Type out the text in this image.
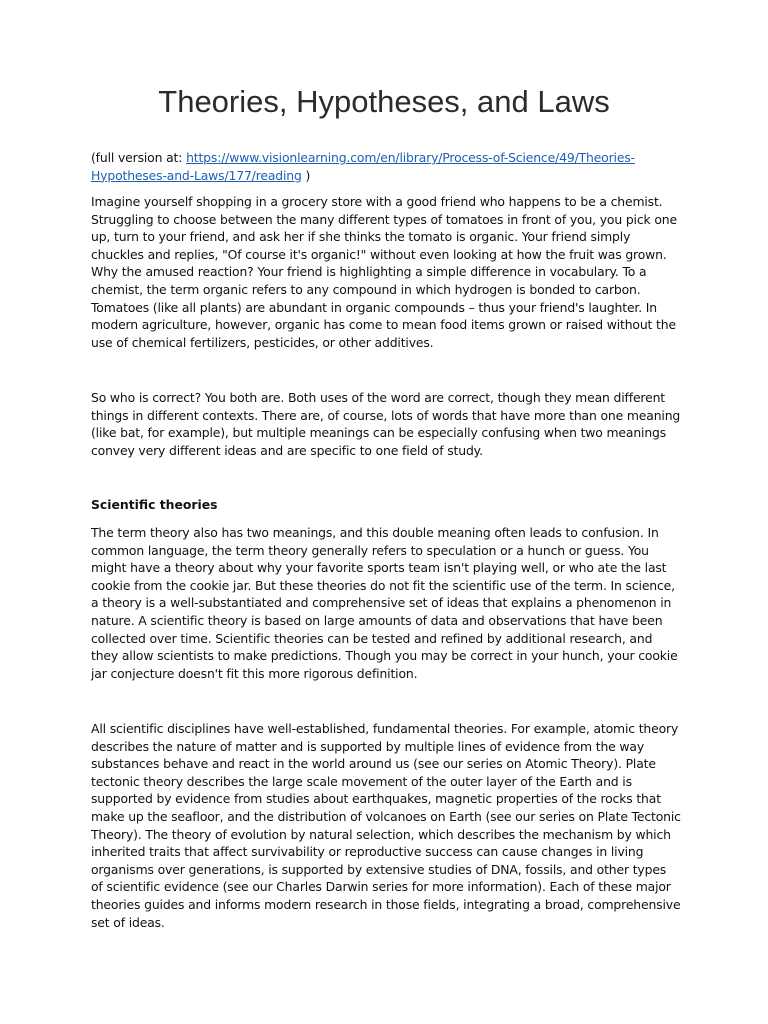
Theories, Hypotheses, and Laws

(full version at: https://www.visionlearning.com/en/library/Process-of-Science/49/Theories-Hypotheses-and-Laws/177/reading )

Imagine yourself shopping in a grocery store with a good friend who happens to be a chemist. Struggling to choose between the many different types of tomatoes in front of you, you pick one up, turn to your friend, and ask her if she thinks the tomato is organic. Your friend simply chuckles and replies, "Of course it's organic!" without even looking at how the fruit was grown. Why the amused reaction? Your friend is highlighting a simple difference in vocabulary. To a chemist, the term organic refers to any compound in which hydrogen is bonded to carbon. Tomatoes (like all plants) are abundant in organic compounds – thus your friend's laughter. In modern agriculture, however, organic has come to mean food items grown or raised without the use of chemical fertilizers, pesticides, or other additives.

So who is correct? You both are. Both uses of the word are correct, though they mean different things in different contexts. There are, of course, lots of words that have more than one meaning (like bat, for example), but multiple meanings can be especially confusing when two meanings convey very different ideas and are specific to one field of study.

Scientific theories

The term theory also has two meanings, and this double meaning often leads to confusion. In common language, the term theory generally refers to speculation or a hunch or guess. You might have a theory about why your favorite sports team isn't playing well, or who ate the last cookie from the cookie jar. But these theories do not fit the scientific use of the term. In science, a theory is a well-substantiated and comprehensive set of ideas that explains a phenomenon in nature. A scientific theory is based on large amounts of data and observations that have been collected over time. Scientific theories can be tested and refined by additional research, and they allow scientists to make predictions. Though you may be correct in your hunch, your cookie jar conjecture doesn't fit this more rigorous definition.

All scientific disciplines have well-established, fundamental theories. For example, atomic theory describes the nature of matter and is supported by multiple lines of evidence from the way substances behave and react in the world around us (see our series on Atomic Theory). Plate tectonic theory describes the large scale movement of the outer layer of the Earth and is supported by evidence from studies about earthquakes, magnetic properties of the rocks that make up the seafloor, and the distribution of volcanoes on Earth (see our series on Plate Tectonic Theory). The theory of evolution by natural selection, which describes the mechanism by which inherited traits that affect survivability or reproductive success can cause changes in living organisms over generations, is supported by extensive studies of DNA, fossils, and other types of scientific evidence (see our Charles Darwin series for more information). Each of these major theories guides and informs modern research in those fields, integrating a broad, comprehensive set of ideas.
